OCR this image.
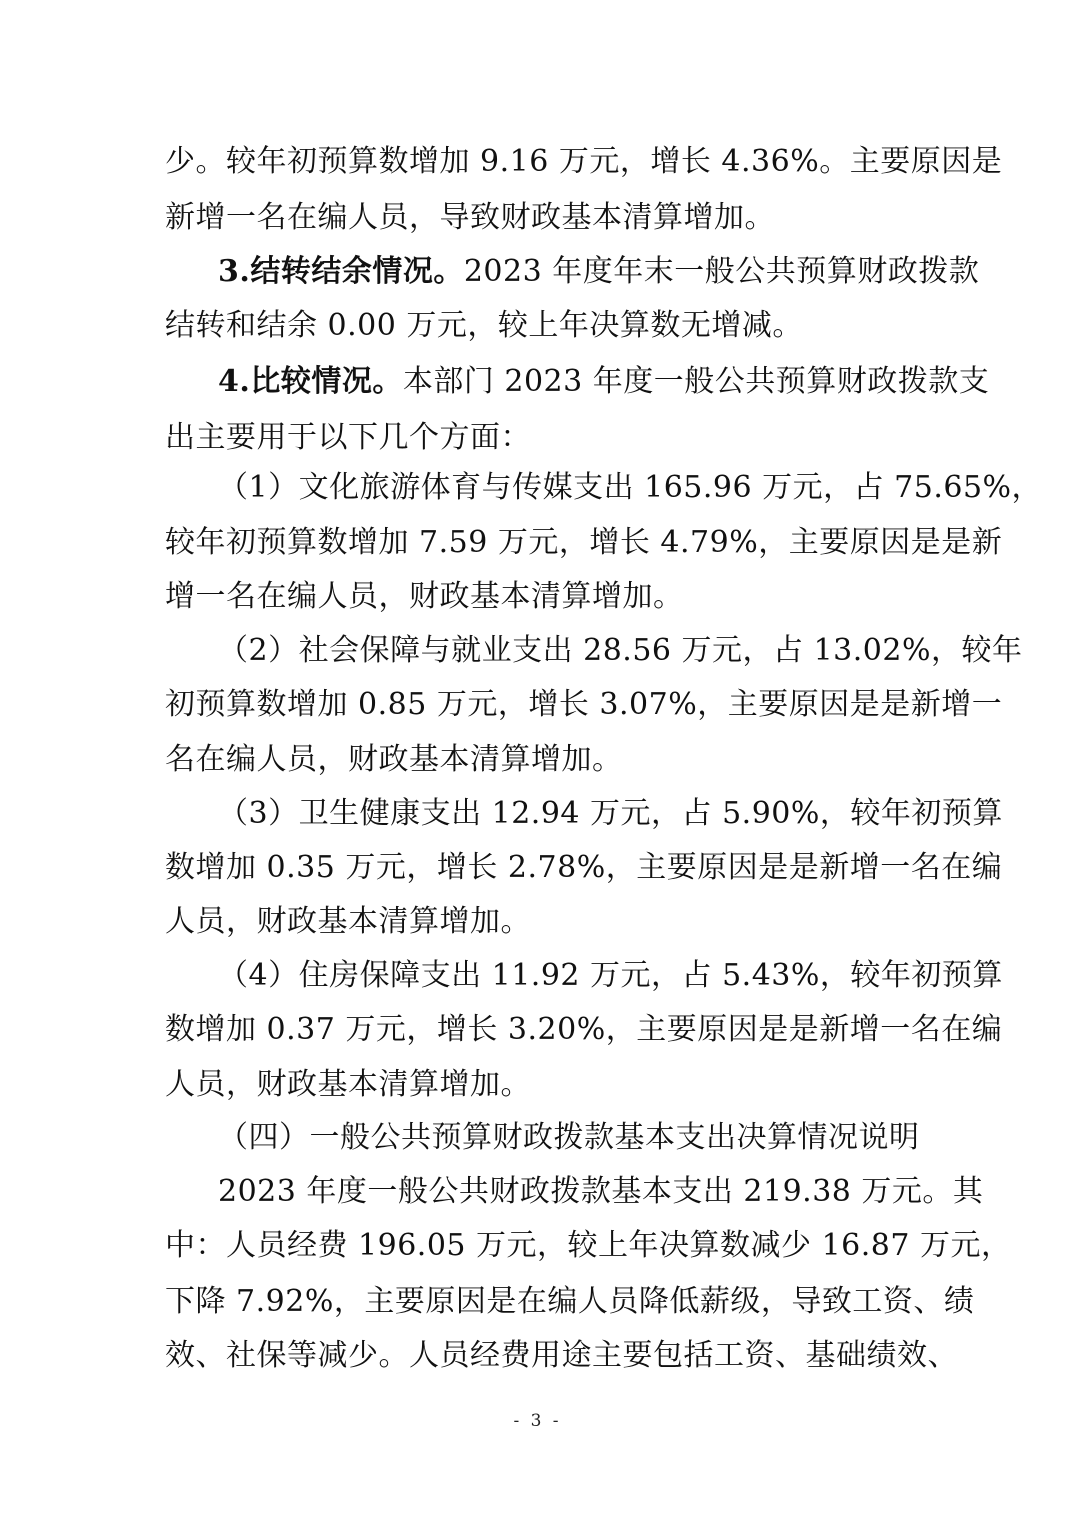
少。较年初预算数增加 9.16 万元，增长 4.36%。主要原因是
新增一名在编人员，导致财政基本清算增加。
3.结转结余情况。2023 年度年末一般公共预算财政拨款
结转和结余 0.00 万元，较上年决算数无增减。
4.比较情况。本部门 2023 年度一般公共预算财政拨款支
出主要用于以下几个方面：
（1）文化旅游体育与传媒支出 165.96 万元，占 75.65%，
较年初预算数增加 7.59 万元，增长 4.79%，主要原因是是新
增一名在编人员，财政基本清算增加。
（2）社会保障与就业支出 28.56 万元，占 13.02%，较年
初预算数增加 0.85 万元，增长 3.07%，主要原因是是新增一
名在编人员，财政基本清算增加。
（3）卫生健康支出 12.94 万元，占 5.90%，较年初预算
数增加 0.35 万元，增长 2.78%，主要原因是是新增一名在编
人员，财政基本清算增加。
（4）住房保障支出 11.92 万元，占 5.43%，较年初预算
数增加 0.37 万元，增长 3.20%，主要原因是是新增一名在编
人员，财政基本清算增加。
（四）一般公共预算财政拨款基本支出决算情况说明
2023 年度一般公共财政拨款基本支出 219.38 万元。其
中：人员经费 196.05 万元，较上年决算数减少 16.87 万元，
下降 7.92%，主要原因是在编人员降低薪级，导致工资、绩
效、社保等减少。人员经费用途主要包括工资、基础绩效、
- 3 -
